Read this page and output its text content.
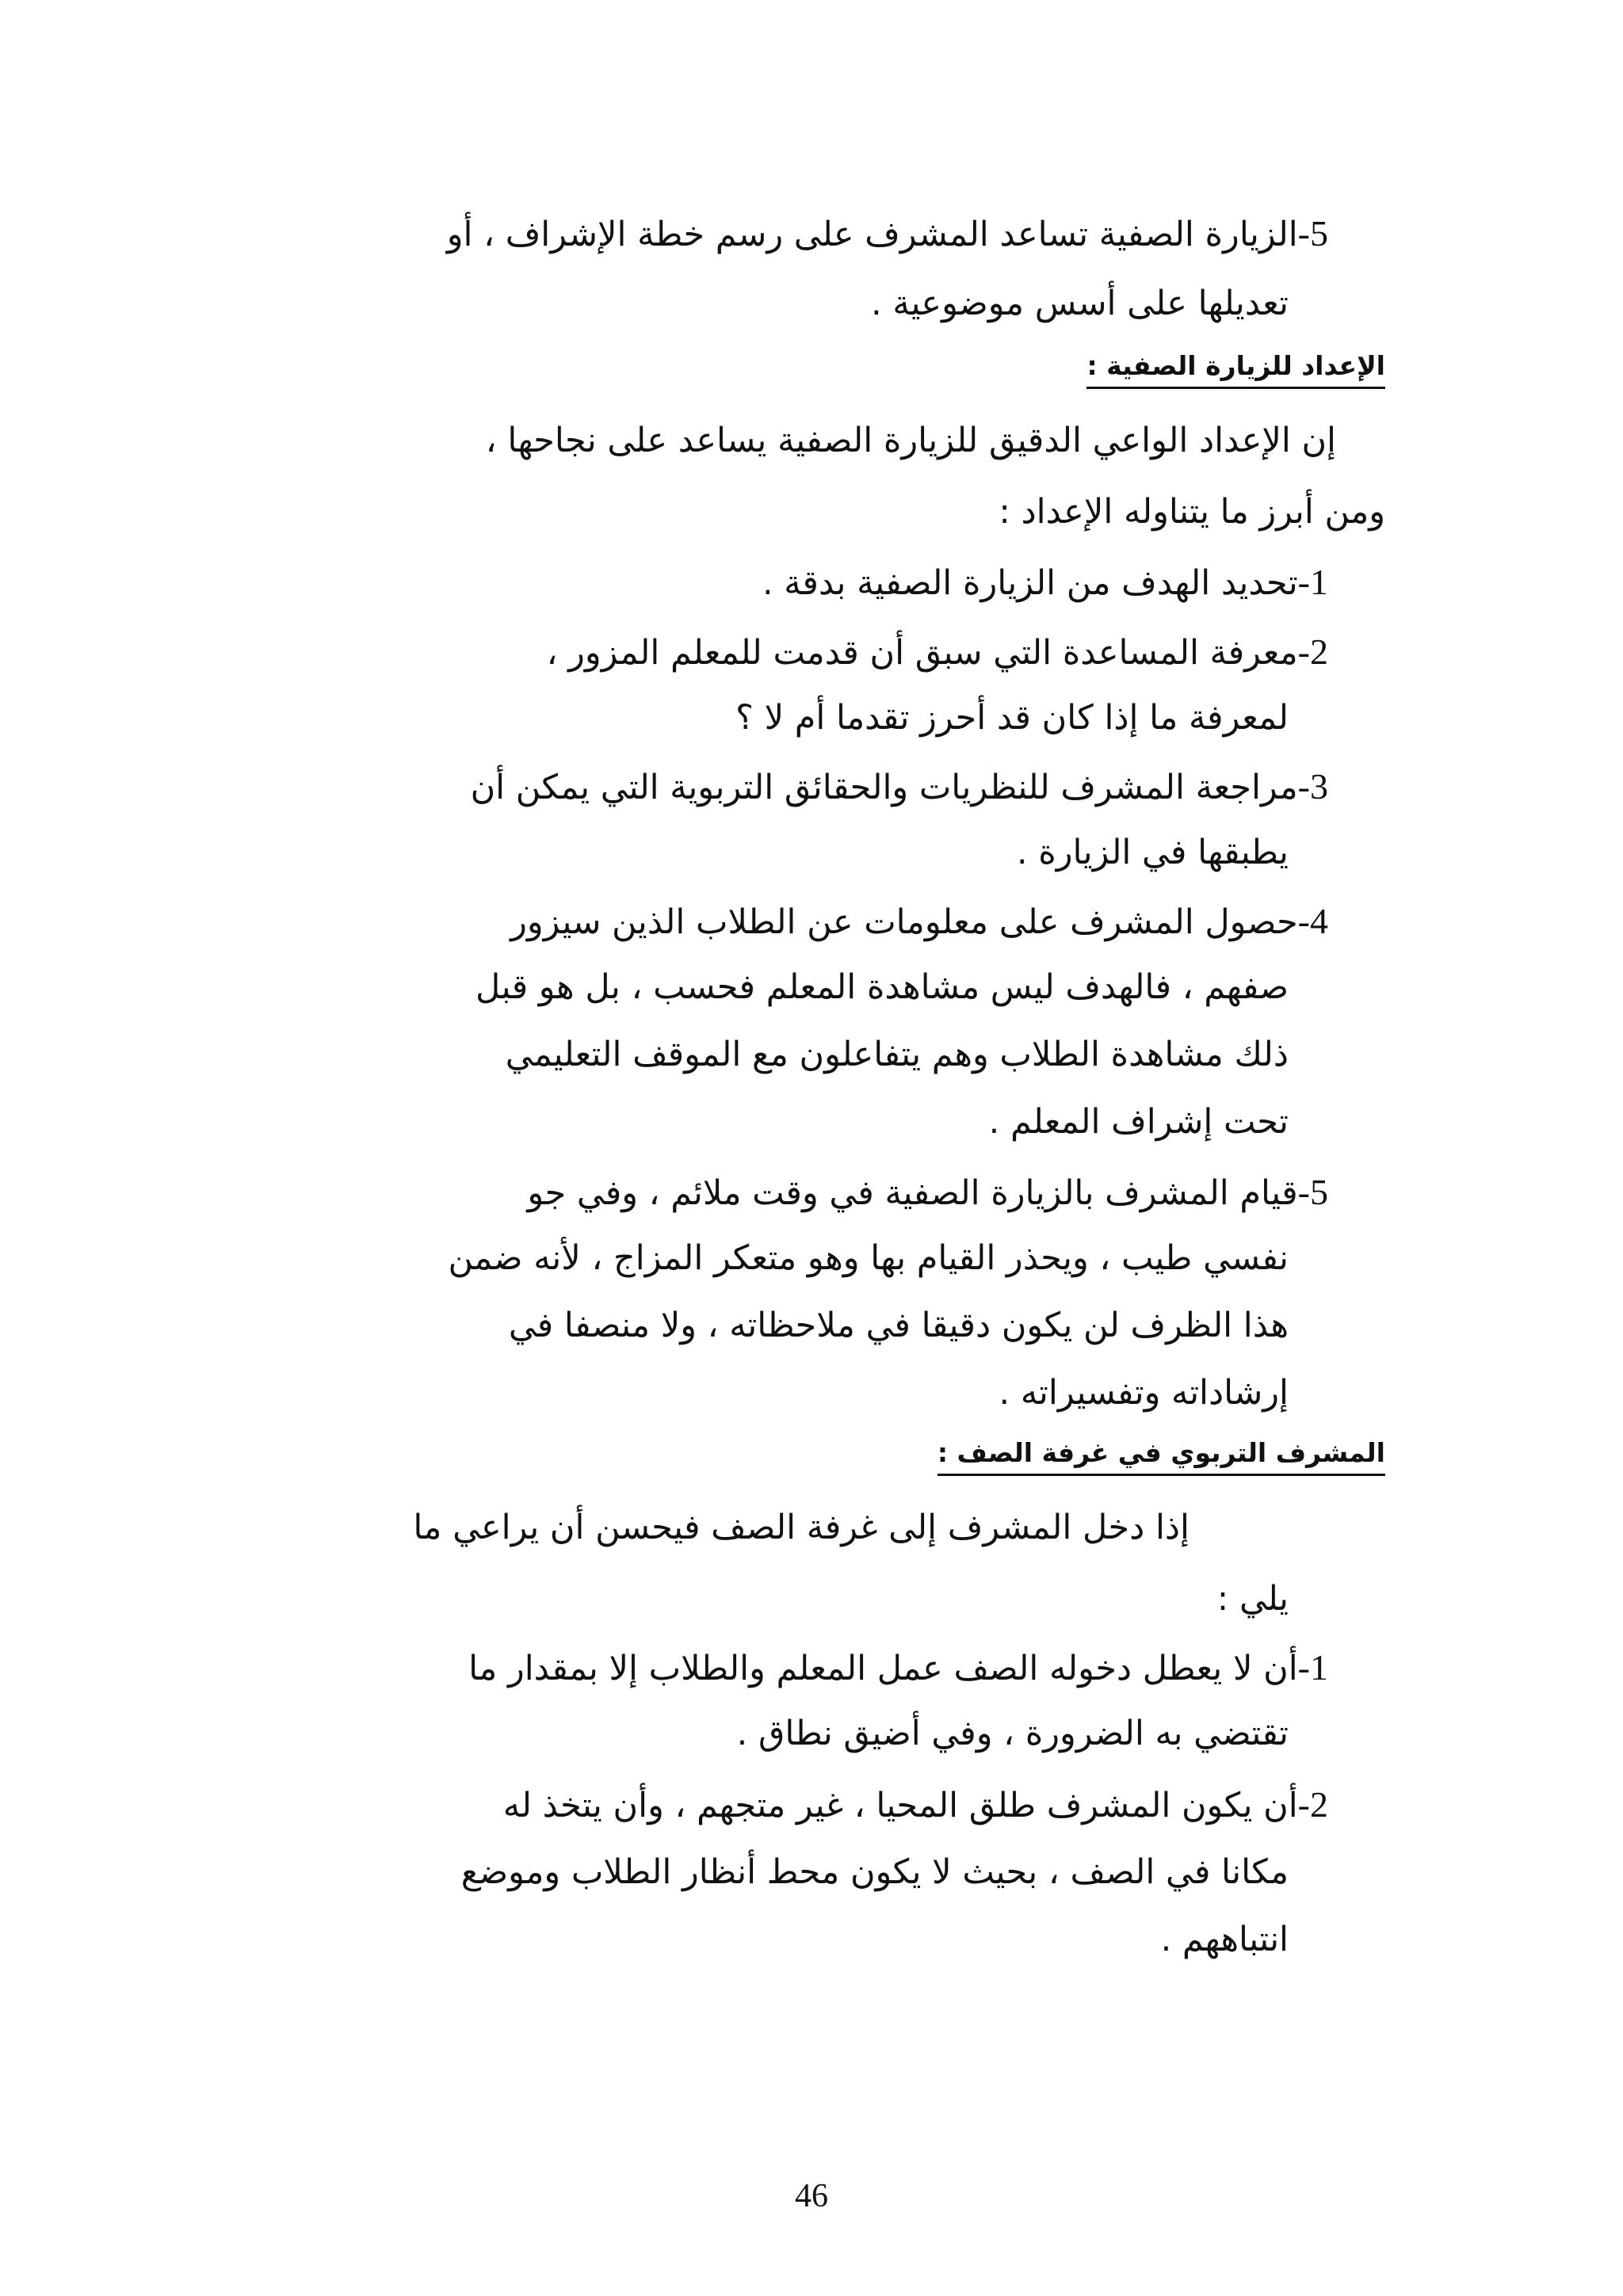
5-الزيارة الصفية تساعد المشرف على رسم خطة الإشراف ، أو
تعديلها على أسس موضوعية .
الإعداد للزيارة الصفية :
إن الإعداد الواعي الدقيق للزيارة الصفية يساعد على نجاحها ،
ومن أبرز ما يتناوله الإعداد :
1-تحديد الهدف من الزيارة الصفية بدقة .
2-معرفة المساعدة التي سبق أن قدمت للمعلم المزور ،
لمعرفة ما إذا كان قد أحرز تقدما أم لا ؟
3-مراجعة المشرف للنظريات والحقائق التربوية التي يمكن أن
يطبقها في الزيارة .
4-حصول المشرف على معلومات عن الطلاب الذين سيزور
صفهم ، فالهدف ليس مشاهدة المعلم فحسب ، بل هو قبل
ذلك مشاهدة الطلاب وهم يتفاعلون مع الموقف التعليمي
تحت إشراف المعلم .
5-قيام المشرف بالزيارة الصفية في وقت ملائم ، وفي جو
نفسي طيب ، ويحذر القيام بها وهو متعكر المزاج ، لأنه ضمن
هذا الظرف لن يكون دقيقا في ملاحظاته ، ولا منصفا في
إرشاداته وتفسيراته .
المشرف التربوي في غرفة الصف :
إذا دخل المشرف إلى غرفة الصف فيحسن أن يراعي ما
يلي :
1-أن لا يعطل دخوله الصف عمل المعلم والطلاب إلا بمقدار ما
تقتضي به الضرورة ، وفي أضيق نطاق .
2-أن يكون المشرف طلق المحيا ، غير متجهم ، وأن يتخذ له
مكانا في الصف ، بحيث لا يكون محط أنظار الطلاب وموضع
انتباههم .
46
